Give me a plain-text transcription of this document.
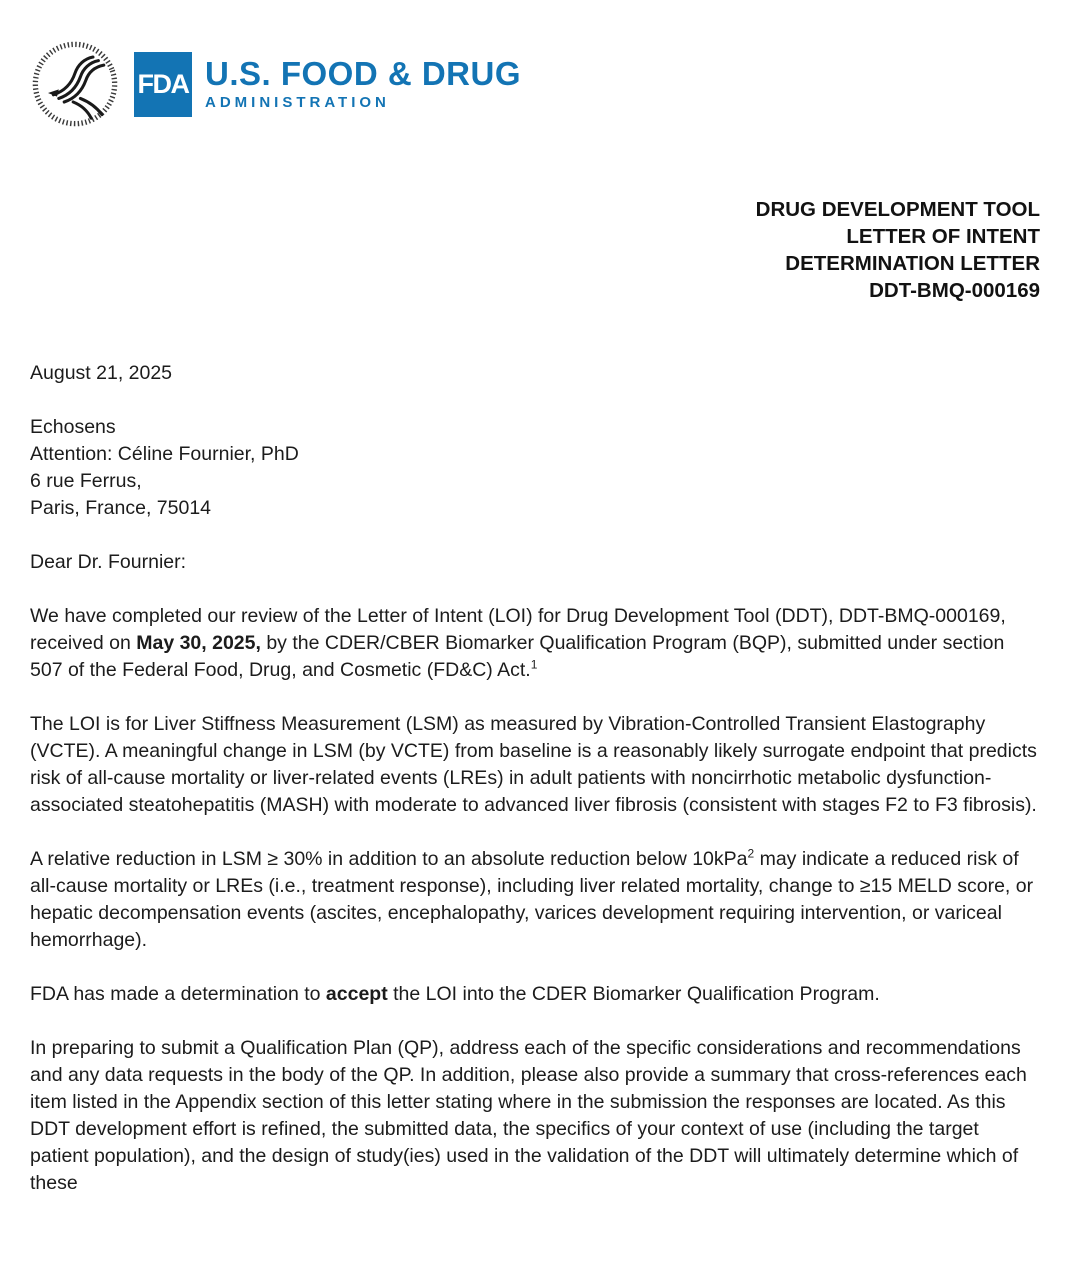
FDA U.S. FOOD & DRUG
ADMINISTRATION
DRUG DEVELOPMENT TOOL
LETTER OF INTENT
DETERMINATION LETTER
DDT-BMQ-000169
August 21, 2025
Echosens
Attention: Céline Fournier, PhD
6 rue Ferrus,
Paris, France, 75014
Dear Dr. Fournier:

We have completed our review of the Letter of Intent (LOI) for Drug Development Tool (DDT), DDT-BMQ-000169, received on May 30, 2025, by the CDER/CBER Biomarker Qualification Program (BQP), submitted under section 507 of the Federal Food, Drug, and Cosmetic (FD&C) Act.$^1$

The LOI is for Liver Stiffness Measurement (LSM) as measured by Vibration-Controlled Transient Elastography (VCTE). A meaningful change in LSM (by VCTE) from baseline is a reasonably likely surrogate endpoint that predicts risk of all-cause mortality or liver-related events (LREs) in adult patients with noncirrhotic metabolic dysfunction-associated steatohepatitis (MASH) with moderate to advanced liver fibrosis (consistent with stages F2 to F3 fibrosis).

A relative reduction in LSM ≥ 30% in addition to an absolute reduction below 10kPa$^2$ may indicate a reduced risk of all-cause mortality or LREs (i.e., treatment response), including liver related mortality, change to ≥15 MELD score, or hepatic decompensation events (ascites, encephalopathy, varices development requiring intervention, or variceal hemorrhage).

FDA has made a determination to accept the LOI into the CDER Biomarker Qualification Program.

In preparing to submit a Qualification Plan (QP), address each of the specific considerations and recommendations and any data requests in the body of the QP. In addition, please also provide a summary that cross-references each item listed in the Appendix section of this letter stating where in the submission the responses are located. As this DDT development effort is refined, the submitted data, the specifics of your context of use (including the target patient population), and the design of study(ies) used in the validation of the DDT will ultimately determine which of these
